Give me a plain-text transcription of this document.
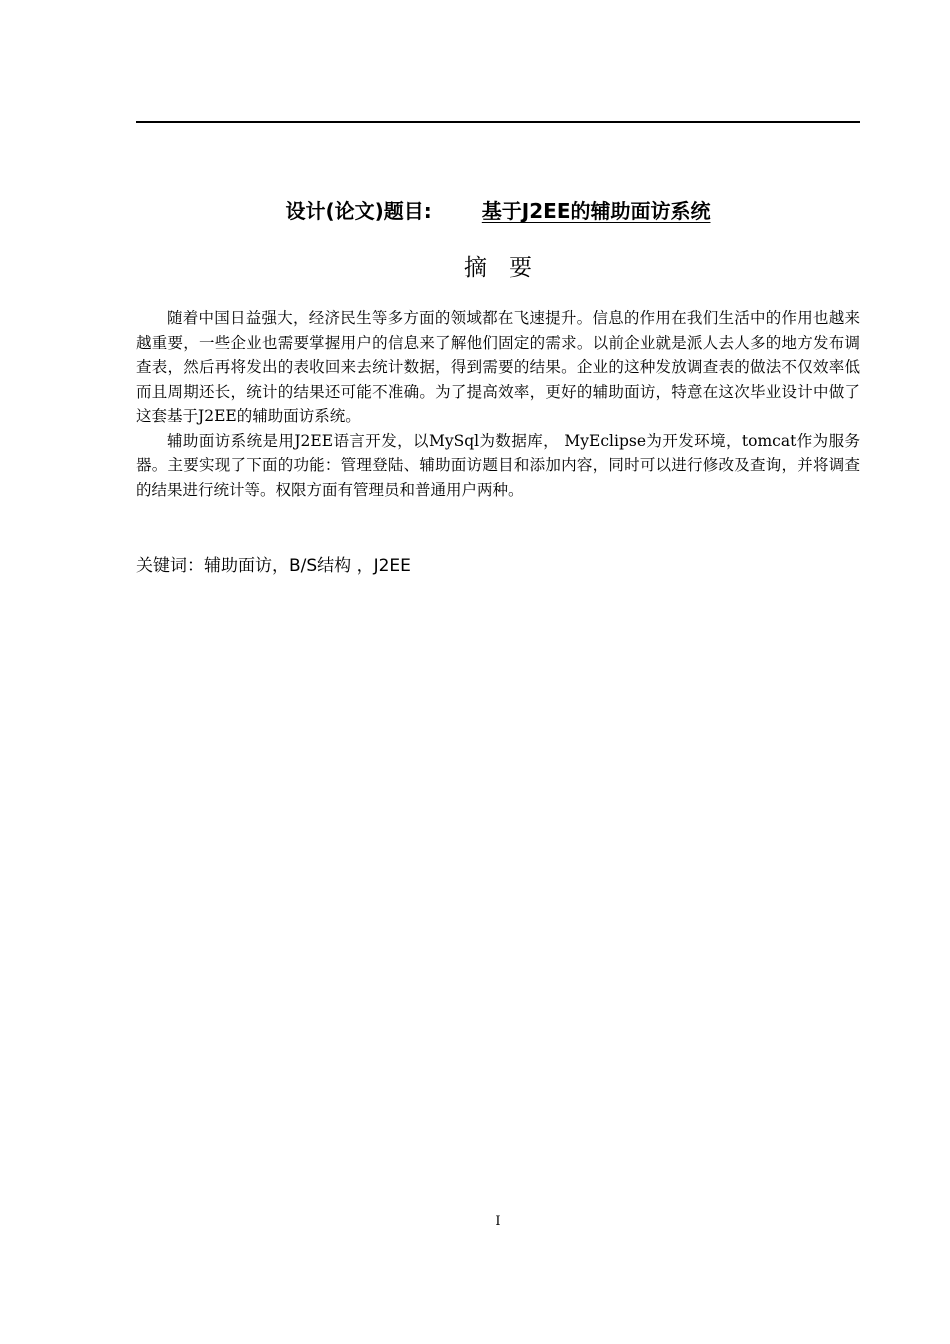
设计(论文)题目:	基于J2EE的辅助面访系统
摘要

随着中国日益强大，经济民生等多方面的领域都在飞速提升。信息的作用在我们生活中的作用也越来越重要，一些企业也需要掌握用户的信息来了解他们固定的需求。以前企业就是派人去人多的地方发布调查表，然后再将发出的表收回来去统计数据，得到需要的结果。企业的这种发放调查表的做法不仅效率低而且周期还长，统计的结果还可能不准确。为了提高效率，更好的辅助面访，特意在这次毕业设计中做了这套基于J2EE的辅助面访系统。

辅助面访系统是用J2EE语言开发，以MySql为数据库， MyEclipse为开发环境，tomcat作为服务器。主要实现了下面的功能：管理登陆、辅助面访题目和添加内容，同时可以进行修改及查询，并将调查的结果进行统计等。权限方面有管理员和普通用户两种。

关键词：辅助面访，B/S结构 ，J2EE
I
